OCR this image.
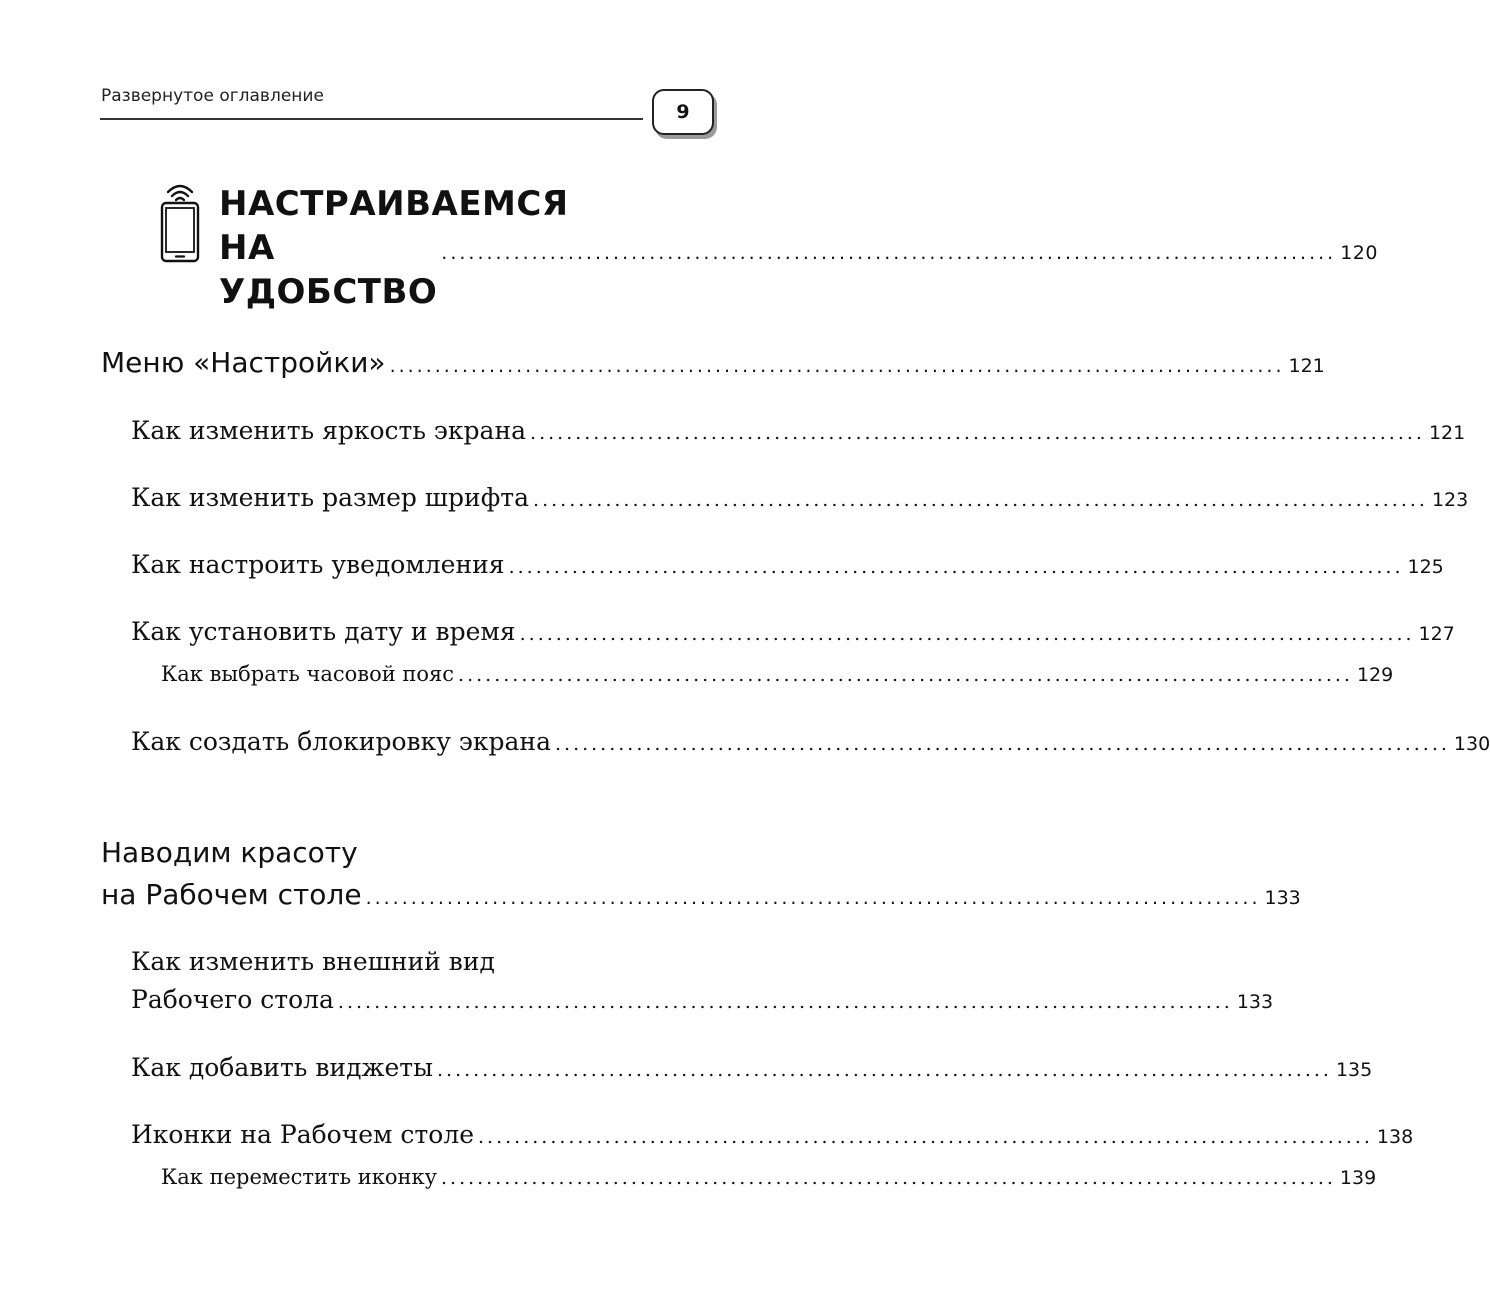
Развернутое оглавление
9
НАСТРАИВАЕМСЯ
НА УДОБСТВО
................................................................................................... 120
Меню «Настройки» ................................................................................................... 121
Как изменить яркость экрана ................................................................................................... 121
Как изменить размер шрифта ................................................................................................... 123
Как настроить уведомления ................................................................................................... 125
Как установить дату и время ................................................................................................... 127
Как выбрать часовой пояс ................................................................................................... 129
Как создать блокировку экрана ................................................................................................... 130
Наводим красоту
на Рабочем столе ................................................................................................... 133
Как изменить внешний вид
Рабочего стола ................................................................................................... 133
Как добавить виджеты ................................................................................................... 135
Иконки на Рабочем столе ................................................................................................... 138
Как переместить иконку ................................................................................................... 139
